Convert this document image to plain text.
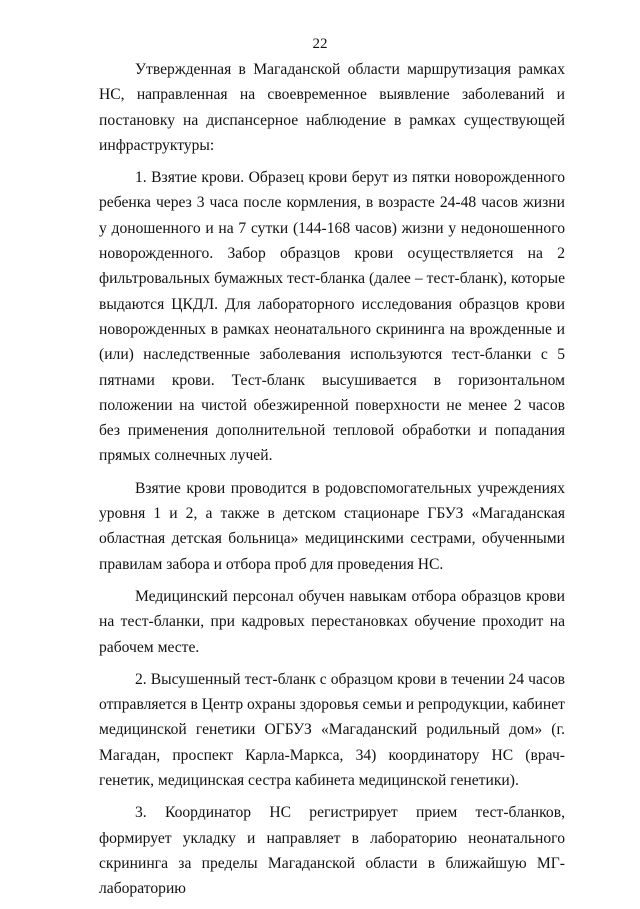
22

Утвержденная в Магаданской области маршрутизация рамках НС, направленная на своевременное выявление заболеваний и постановку на диспансерное наблюдение в рамках существующей инфраструктуры:

1. Взятие крови. Образец крови берут из пятки новорожденного ребенка через 3 часа после кормления, в возрасте 24-48 часов жизни у доношенного и на 7 сутки (144-168 часов) жизни у недоношенного новорожденного. Забор образцов крови осуществляется на 2 фильтровальных бумажных тест-бланка (далее – тест-бланк), которые выдаются ЦКДЛ. Для лабораторного исследования образцов крови новорожденных в рамках неонатального скрининга на врожденные и (или) наследственные заболевания используются тест-бланки с 5 пятнами крови. Тест-бланк высушивается в горизонтальном положении на чистой обезжиренной поверхности не менее 2 часов без применения дополнительной тепловой обработки и попадания прямых солнечных лучей.

Взятие крови проводится в родовспомогательных учреждениях уровня 1 и 2, а также в детском стационаре ГБУЗ «Магаданская областная детская больница» медицинскими сестрами, обученными правилам забора и отбора проб для проведения НС.

Медицинский персонал обучен навыкам отбора образцов крови на тест-бланки, при кадровых перестановках обучение проходит на рабочем месте.

2. Высушенный тест-бланк с образцом крови в течении 24 часов отправляется в Центр охраны здоровья семьи и репродукции, кабинет медицинской генетики ОГБУЗ «Магаданский родильный дом» (г. Магадан, проспект Карла-Маркса, 34) координатору НС (врач-генетик, медицинская сестра кабинета медицинской генетики).

3. Координатор НС регистрирует прием тест-бланков, формирует укладку и направляет в лабораторию неонатального скрининга за пределы Магаданской области в ближайшую МГ-лабораторию
